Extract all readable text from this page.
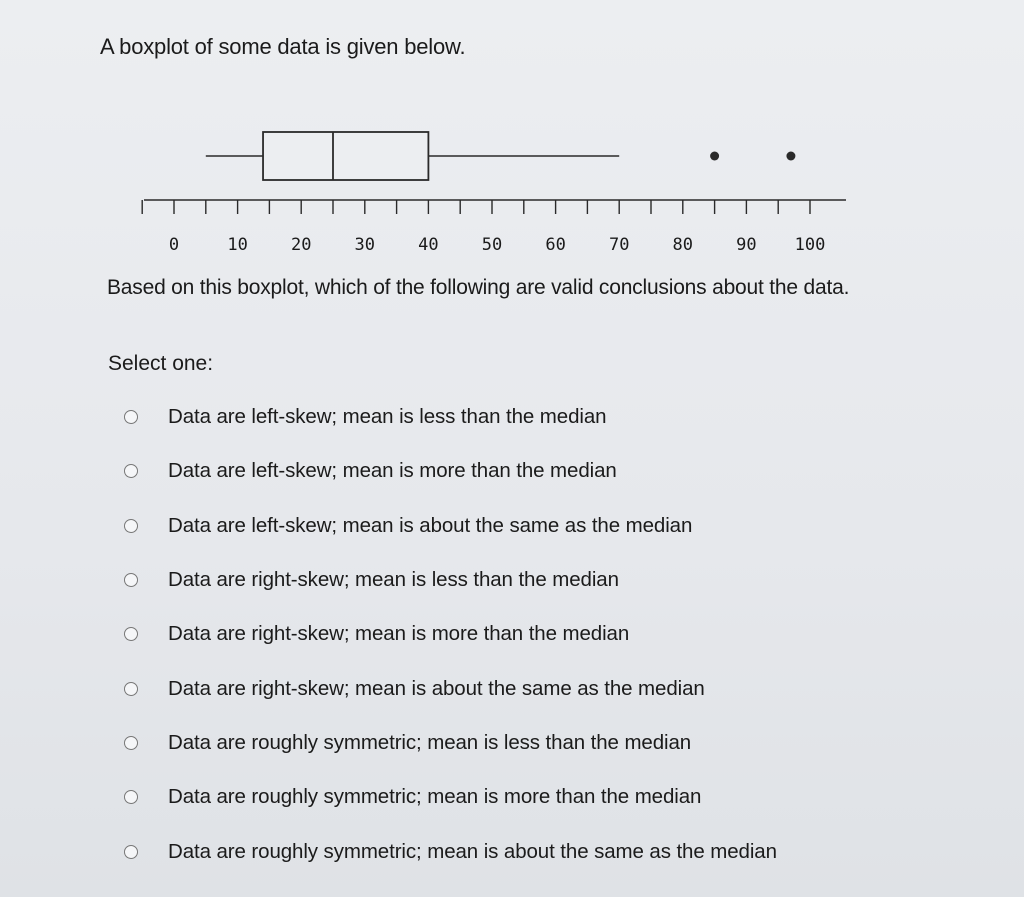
A boxplot of some data is given below.
0	10	20	30	40	50	60	70	80	90 100
Based on this boxplot, which of the following are valid conclusions about the data.
Select one:
Data are left-skew; mean is less than the median
Data are left-skew; mean is more than the median
Data are left-skew; mean is about the same as the median
Data are right-skew; mean is less than the median
Data are right-skew; mean is more than the median
Data are right-skew; mean is about the same as the median
Data are roughly symmetric; mean is less than the median
Data are roughly symmetric; mean is more than the median
Data are roughly symmetric; mean is about the same as the median
